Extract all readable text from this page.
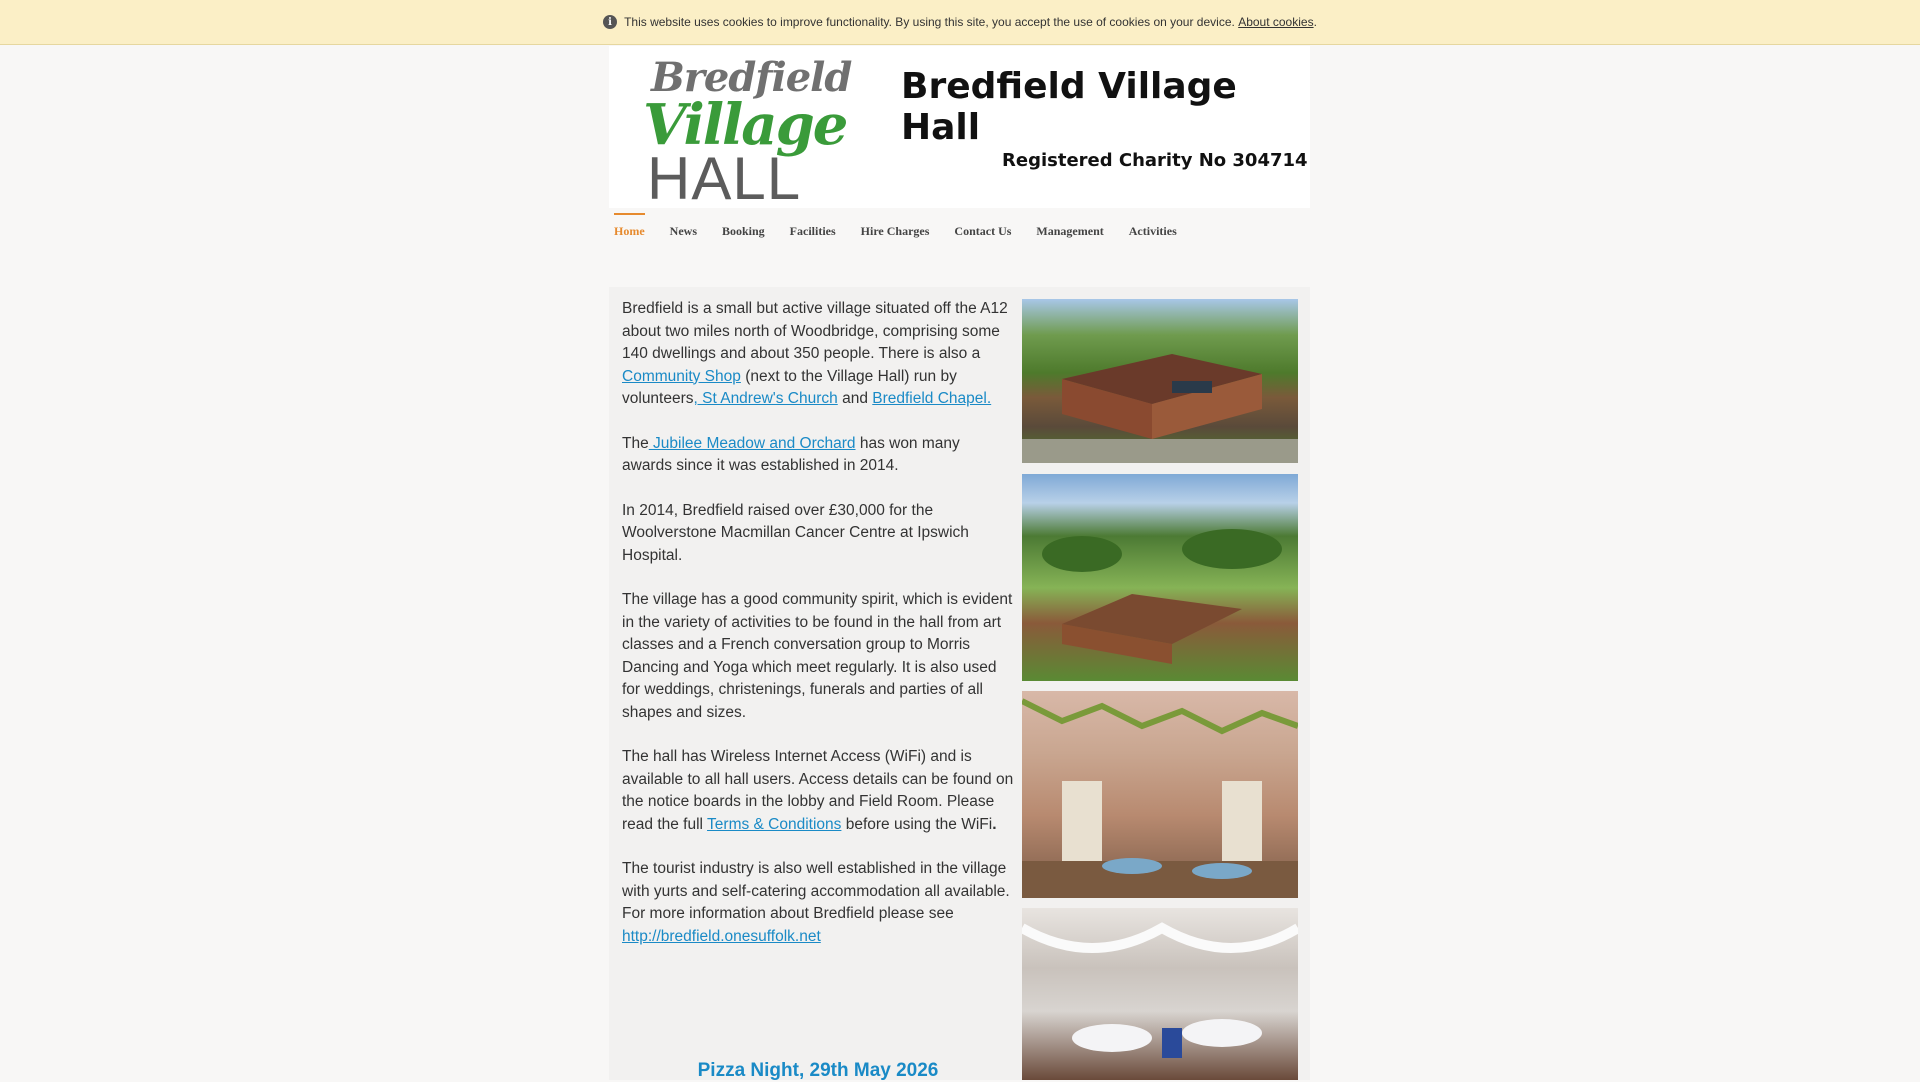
i	This website uses cookies to improve functionality. By using this site, you accept the use of cookies on your device.
About cookies .
Bredfield
Village
HALL
Bredfield Village Hall
Registered Charity No 304714
Home News Booking Facilities Hire Charges Contact Us Management Activities

Bredfield is a small but active village situated off the A12 about two miles north of Woodbridge, comprising some 140 dwellings and about 350 people. There is also a Community Shop (next to the Village Hall) run by volunteers, St Andrew's Church and Bredfield Chapel.

The Jubilee Meadow and Orchard has won many awards since it was established in 2014.

In 2014, Bredfield raised over £30,000 for the Woolverstone Macmillan Cancer Centre at Ipswich Hospital.

The village has a good community spirit, which is evident in the variety of activities to be found in the hall from art classes and a French conversation group to Morris Dancing and Yoga which meet regularly. It is also used for weddings, christenings, funerals and parties of all shapes and sizes.

The hall has Wireless Internet Access (WiFi) and is available to all hall users. Access details can be found on the notice boards in the lobby and Field Room. Please read the full Terms & Conditions before using the WiFi.

The tourist industry is also well established in the village with yurts and self-catering accommodation all available.
For more information about Bredfield please see
http://bredfield.onesuffolk.net

Pizza Night, 29th May 2026
